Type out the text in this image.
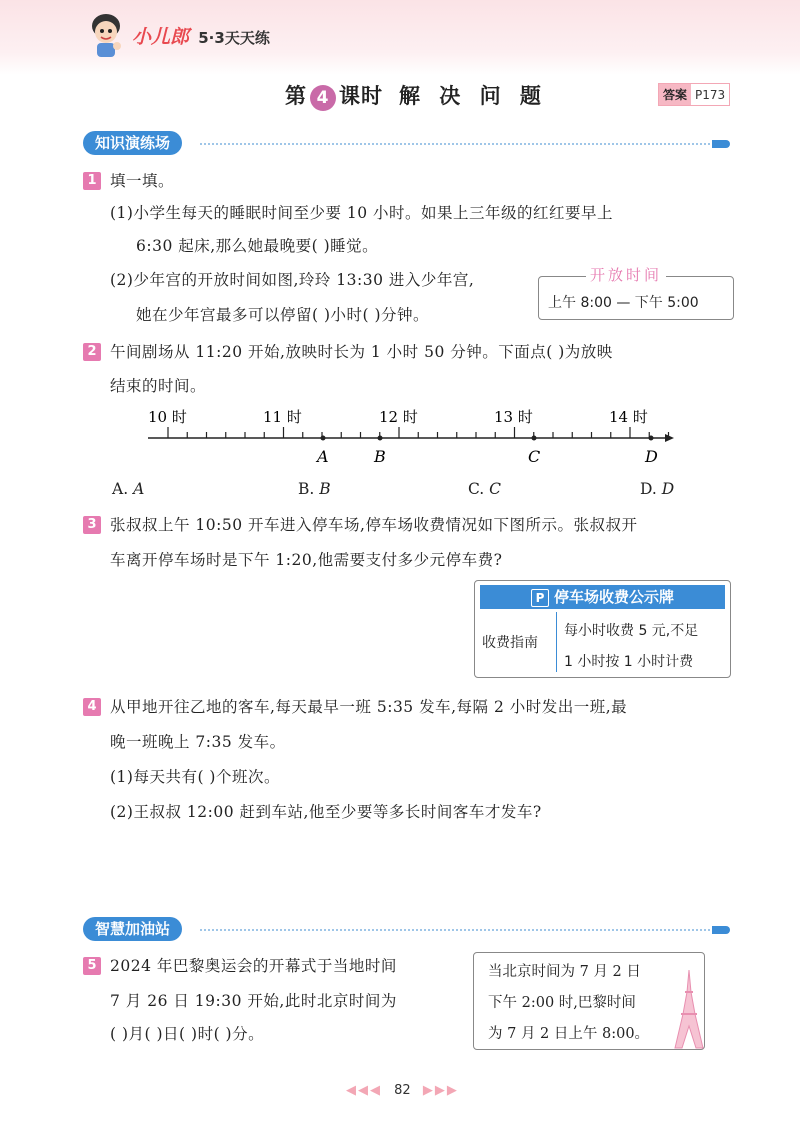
小儿郎 5·3天天练
第 4 课时 解 决 问 题	答案 P173
知识演练场
1 填一填。
(1)小学生每天的睡眠时间至少要 10 小时。如果上三年级的红红要早上
6:30 起床,那么她最晚要( )睡觉。
(2)少年宫的开放时间如图,玲玲 13:30 进入少年宫,
她在少年宫最多可以停留( )小时( )分钟。
开放时间
上午 8:00 — 下午 5:00
2 午间剧场从 11:20 开始,放映时长为 1 小时 50 分钟。下面点( )为放映
结束的时间。
10 时	11 时	12 时	13 时	14 时
A	B	C	D
A. A	B. B	C. C	D. D
3 张叔叔上午 10:50 开车进入停车场,停车场收费情况如下图所示。张叔叔开
车离开停车场时是下午 1:20,他需要支付多少元停车费?
P 停车场收费公示牌
收费指南
每小时收费 5 元,不足
1 小时按 1 小时计费
4 从甲地开往乙地的客车,每天最早一班 5:35 发车,每隔 2 小时发出一班,最
晚一班晚上 7:35 发车。
(1)每天共有( )个班次。
(2)王叔叔 12:00 赶到车站,他至少要等多长时间客车才发车?
智慧加油站
5 2024 年巴黎奥运会的开幕式于当地时间
7 月 26 日 19:30 开始,此时北京时间为
( )月( )日( )时( )分。
当北京时间为 7 月 2 日
下午 2:00 时,巴黎时间
为 7 月 2 日上午 8:00。
◀◀◀ 82 ▶▶▶
